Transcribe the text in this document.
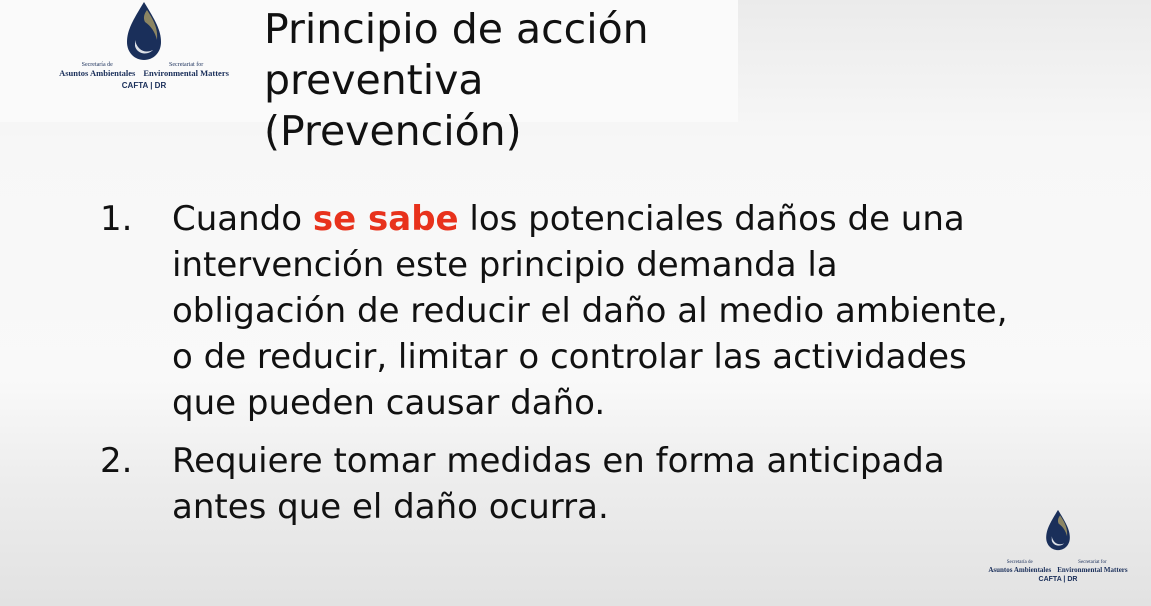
Secretaría de
Asuntos Ambientales
Secretariat for
Environmental Matters
CAFTA | DR
Principio de acción preventiva
(Prevención)
1.	Cuando se sabe los potenciales daños de una
intervención este principio demanda la
obligación de reducir el daño al medio ambiente,
o de reducir, limitar o controlar las actividades
que pueden causar daño.
2.	Requiere tomar medidas en forma anticipada
antes que el daño ocurra.
Secretaría de
Asuntos Ambientales
Secretariat for
Environmental Matters
CAFTA | DR
